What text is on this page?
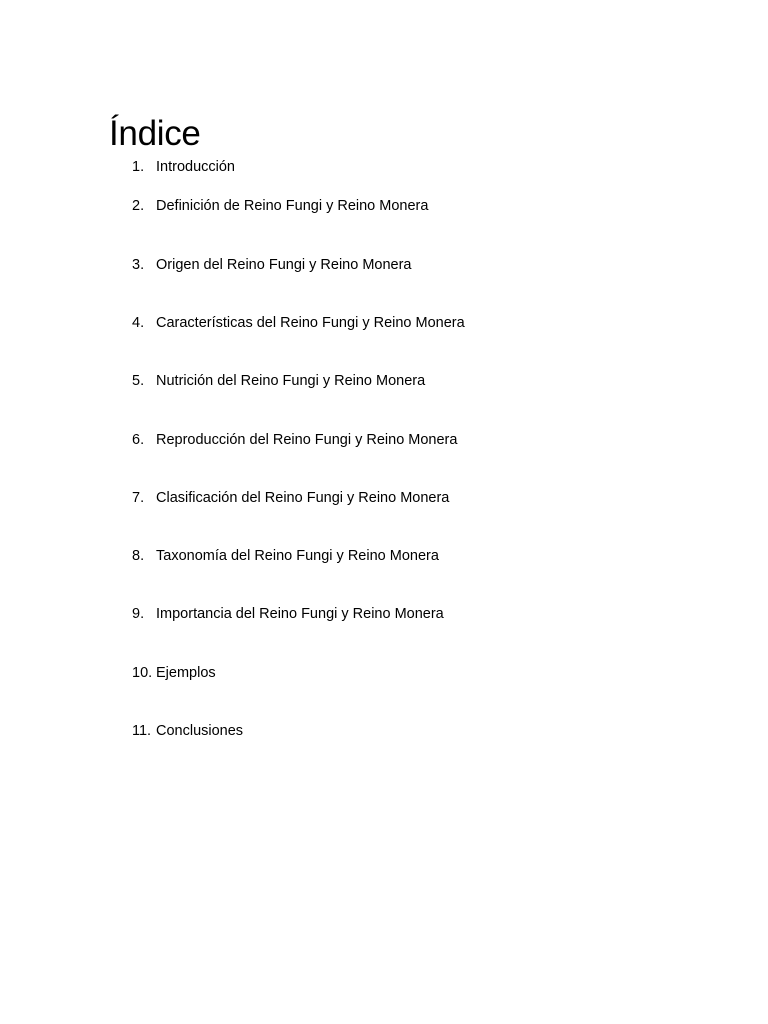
Índice
1. Introducción
2. Definición de Reino Fungi y Reino Monera
3. Origen del Reino Fungi y Reino Monera
4. Características del Reino Fungi y Reino Monera
5. Nutrición del Reino Fungi y Reino Monera
6. Reproducción del Reino Fungi y Reino Monera
7. Clasificación del Reino Fungi y Reino Monera
8. Taxonomía del Reino Fungi y Reino Monera
9. Importancia del Reino Fungi y Reino Monera
10. Ejemplos
11. Conclusiones
